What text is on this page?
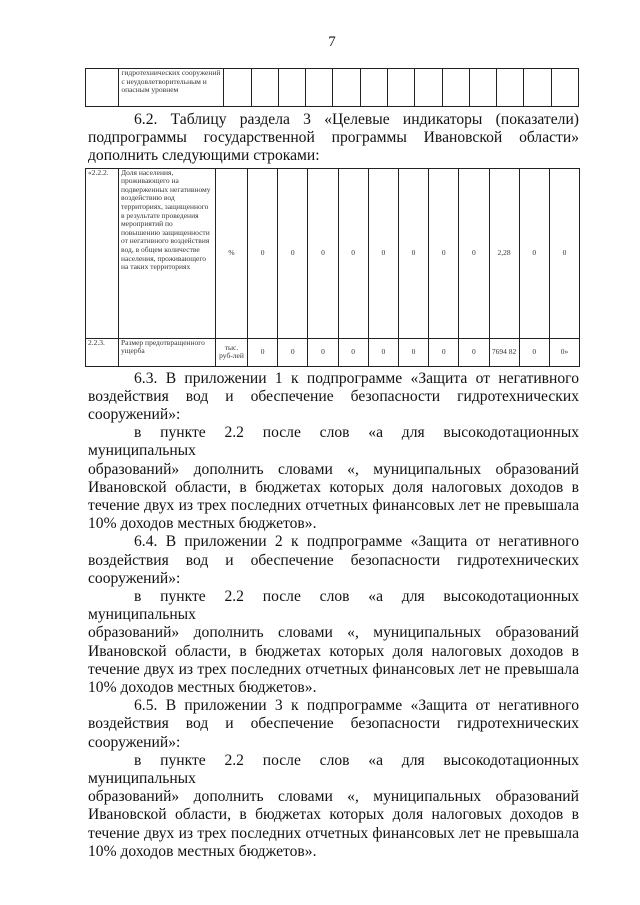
7
	гидротехнических сооружений с неудовлетворительным и опасным уровнем													
6.2. Таблицу раздела 3 «Целевые индикаторы (показатели)
подпрограммы государственной программы Ивановской области»
дополнить следующими строками:
«2.2.2.	Доля населения, проживающего на подверженных негативному воздействию вод территориях, защищенного в результате проведения мероприятий по повышению защищенности от негативного воздействия вод, в общем количестве населения, проживающего на таких территориях	%	0	0	0	0	0	0	0	0	2,28	0	0
2.2.3.	Размер предотвращенного ущерба	тыс. руб-лей	0	0	0	0	0	0	0	0	7694 82	0	0»
6.3. В приложении 1 к подпрограмме «Защита от негативного
воздействия вод и обеспечение безопасности гидротехнических
сооружений»:
в пункте 2.2 после слов «а для высокодотационных муниципальных
образований» дополнить словами «, муниципальных образований
Ивановской области, в бюджетах которых доля налоговых доходов в
течение двух из трех последних отчетных финансовых лет не превышала
10% доходов местных бюджетов».
6.4. В приложении 2 к подпрограмме «Защита от негативного
воздействия вод и обеспечение безопасности гидротехнических
сооружений»:
в пункте 2.2 после слов «а для высокодотационных муниципальных
образований» дополнить словами «, муниципальных образований
Ивановской области, в бюджетах которых доля налоговых доходов в
течение двух из трех последних отчетных финансовых лет не превышала
10% доходов местных бюджетов».
6.5. В приложении 3 к подпрограмме «Защита от негативного
воздействия вод и обеспечение безопасности гидротехнических
сооружений»:
в пункте 2.2 после слов «а для высокодотационных муниципальных
образований» дополнить словами «, муниципальных образований
Ивановской области, в бюджетах которых доля налоговых доходов в
течение двух из трех последних отчетных финансовых лет не превышала
10% доходов местных бюджетов».
